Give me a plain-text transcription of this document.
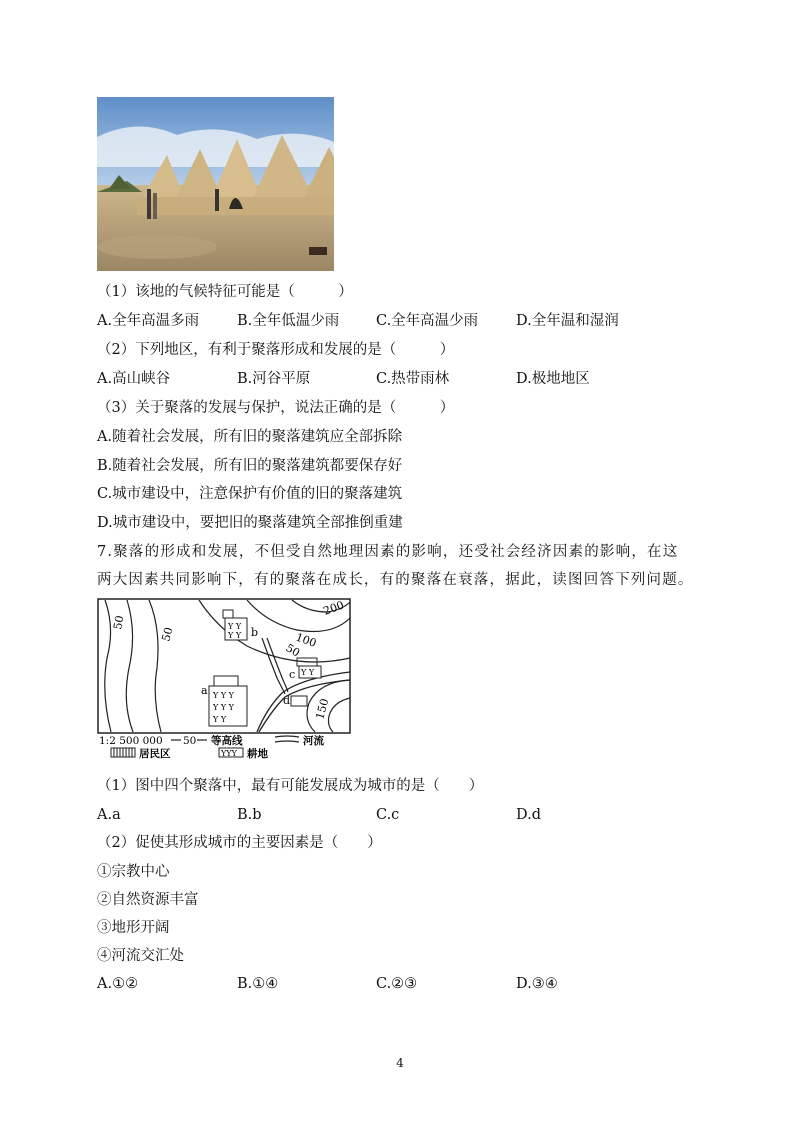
（1）该地的气候特征可能是（　　　）
A.全年高温多雨	B.全年低温少雨	C.全年高温少雨	D.全年温和湿润
（2）下列地区，有利于聚落形成和发展的是（　　　）
A.高山峡谷	B.河谷平原	C.热带雨林	D.极地地区
（3）关于聚落的发展与保护，说法正确的是（　　　）
A.随着社会发展，所有旧的聚落建筑应全部拆除
B.随着社会发展，所有旧的聚落建筑都要保存好
C.城市建设中，注意保护有价值的旧的聚落建筑
D.城市建设中，要把旧的聚落建筑全部推倒重建
7.聚落的形成和发展，不但受自然地理因素的影响，还受社会经济因素的影响，在这
两大因素共同影响下，有的聚落在成长，有的聚落在衰落，据此，读图回答下列问题。
50
50	100
200
50
150
Y Y
Y Y b
Y Y
c
Y Y Y
Y Y Y
Y Y
a
d
1:2 500 000 50 等高线	河流
居民区	YYY 耕地
（1）图中四个聚落中，最有可能发展成为城市的是（　　）
A.a	B.b	C.c	D.d
（2）促使其形成城市的主要因素是（　　）
①宗教中心
②自然资源丰富
③地形开阔
④河流交汇处
A.①②	B.①④	C.②③	D.③④
4
